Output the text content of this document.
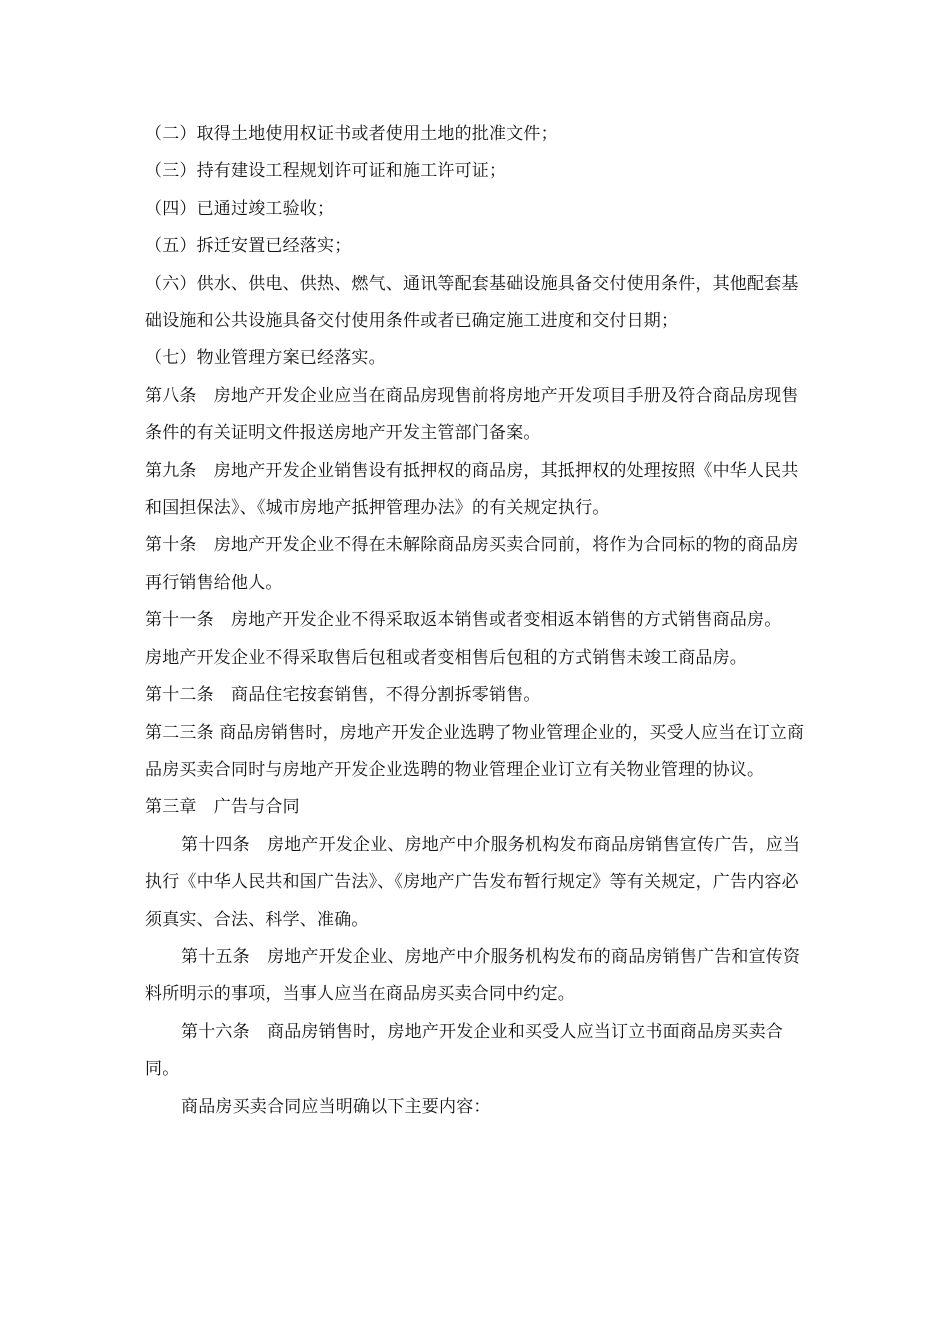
（二）取得土地使用权证书或者使用土地的批准文件；

（三）持有建设工程规划许可证和施工许可证；

（四）已通过竣工验收；

（五）拆迁安置已经落实；

（六）供水、供电、供热、燃气、通讯等配套基础设施具备交付使用条件，其他配套基础设施和公共设施具备交付使用条件或者已确定施工进度和交付日期；

（七）物业管理方案已经落实。

第八条　房地产开发企业应当在商品房现售前将房地产开发项目手册及符合商品房现售条件的有关证明文件报送房地产开发主管部门备案。

第九条　房地产开发企业销售设有抵押权的商品房，其抵押权的处理按照《中华人民共和国担保法》、《城市房地产抵押管理办法》的有关规定执行。

第十条　房地产开发企业不得在未解除商品房买卖合同前，将作为合同标的物的商品房再行销售给他人。

第十一条　房地产开发企业不得采取返本销售或者变相返本销售的方式销售商品房。

房地产开发企业不得采取售后包租或者变相售后包租的方式销售未竣工商品房。

第十二条　商品住宅按套销售，不得分割拆零销售。

第二三条 商品房销售时，房地产开发企业选聘了物业管理企业的，买受人应当在订立商品房买卖合同时与房地产开发企业选聘的物业管理企业订立有关物业管理的协议。

第三章　广告与合同

第十四条　房地产开发企业、房地产中介服务机构发布商品房销售宣传广告，应当执行《中华人民共和国广告法》、《房地产广告发布暂行规定》等有关规定，广告内容必须真实、合法、科学、准确。

第十五条　房地产开发企业、房地产中介服务机构发布的商品房销售广告和宣传资料所明示的事项，当事人应当在商品房买卖合同中约定。

第十六条　商品房销售时，房地产开发企业和买受人应当订立书面商品房买卖合同。

商品房买卖合同应当明确以下主要内容：
